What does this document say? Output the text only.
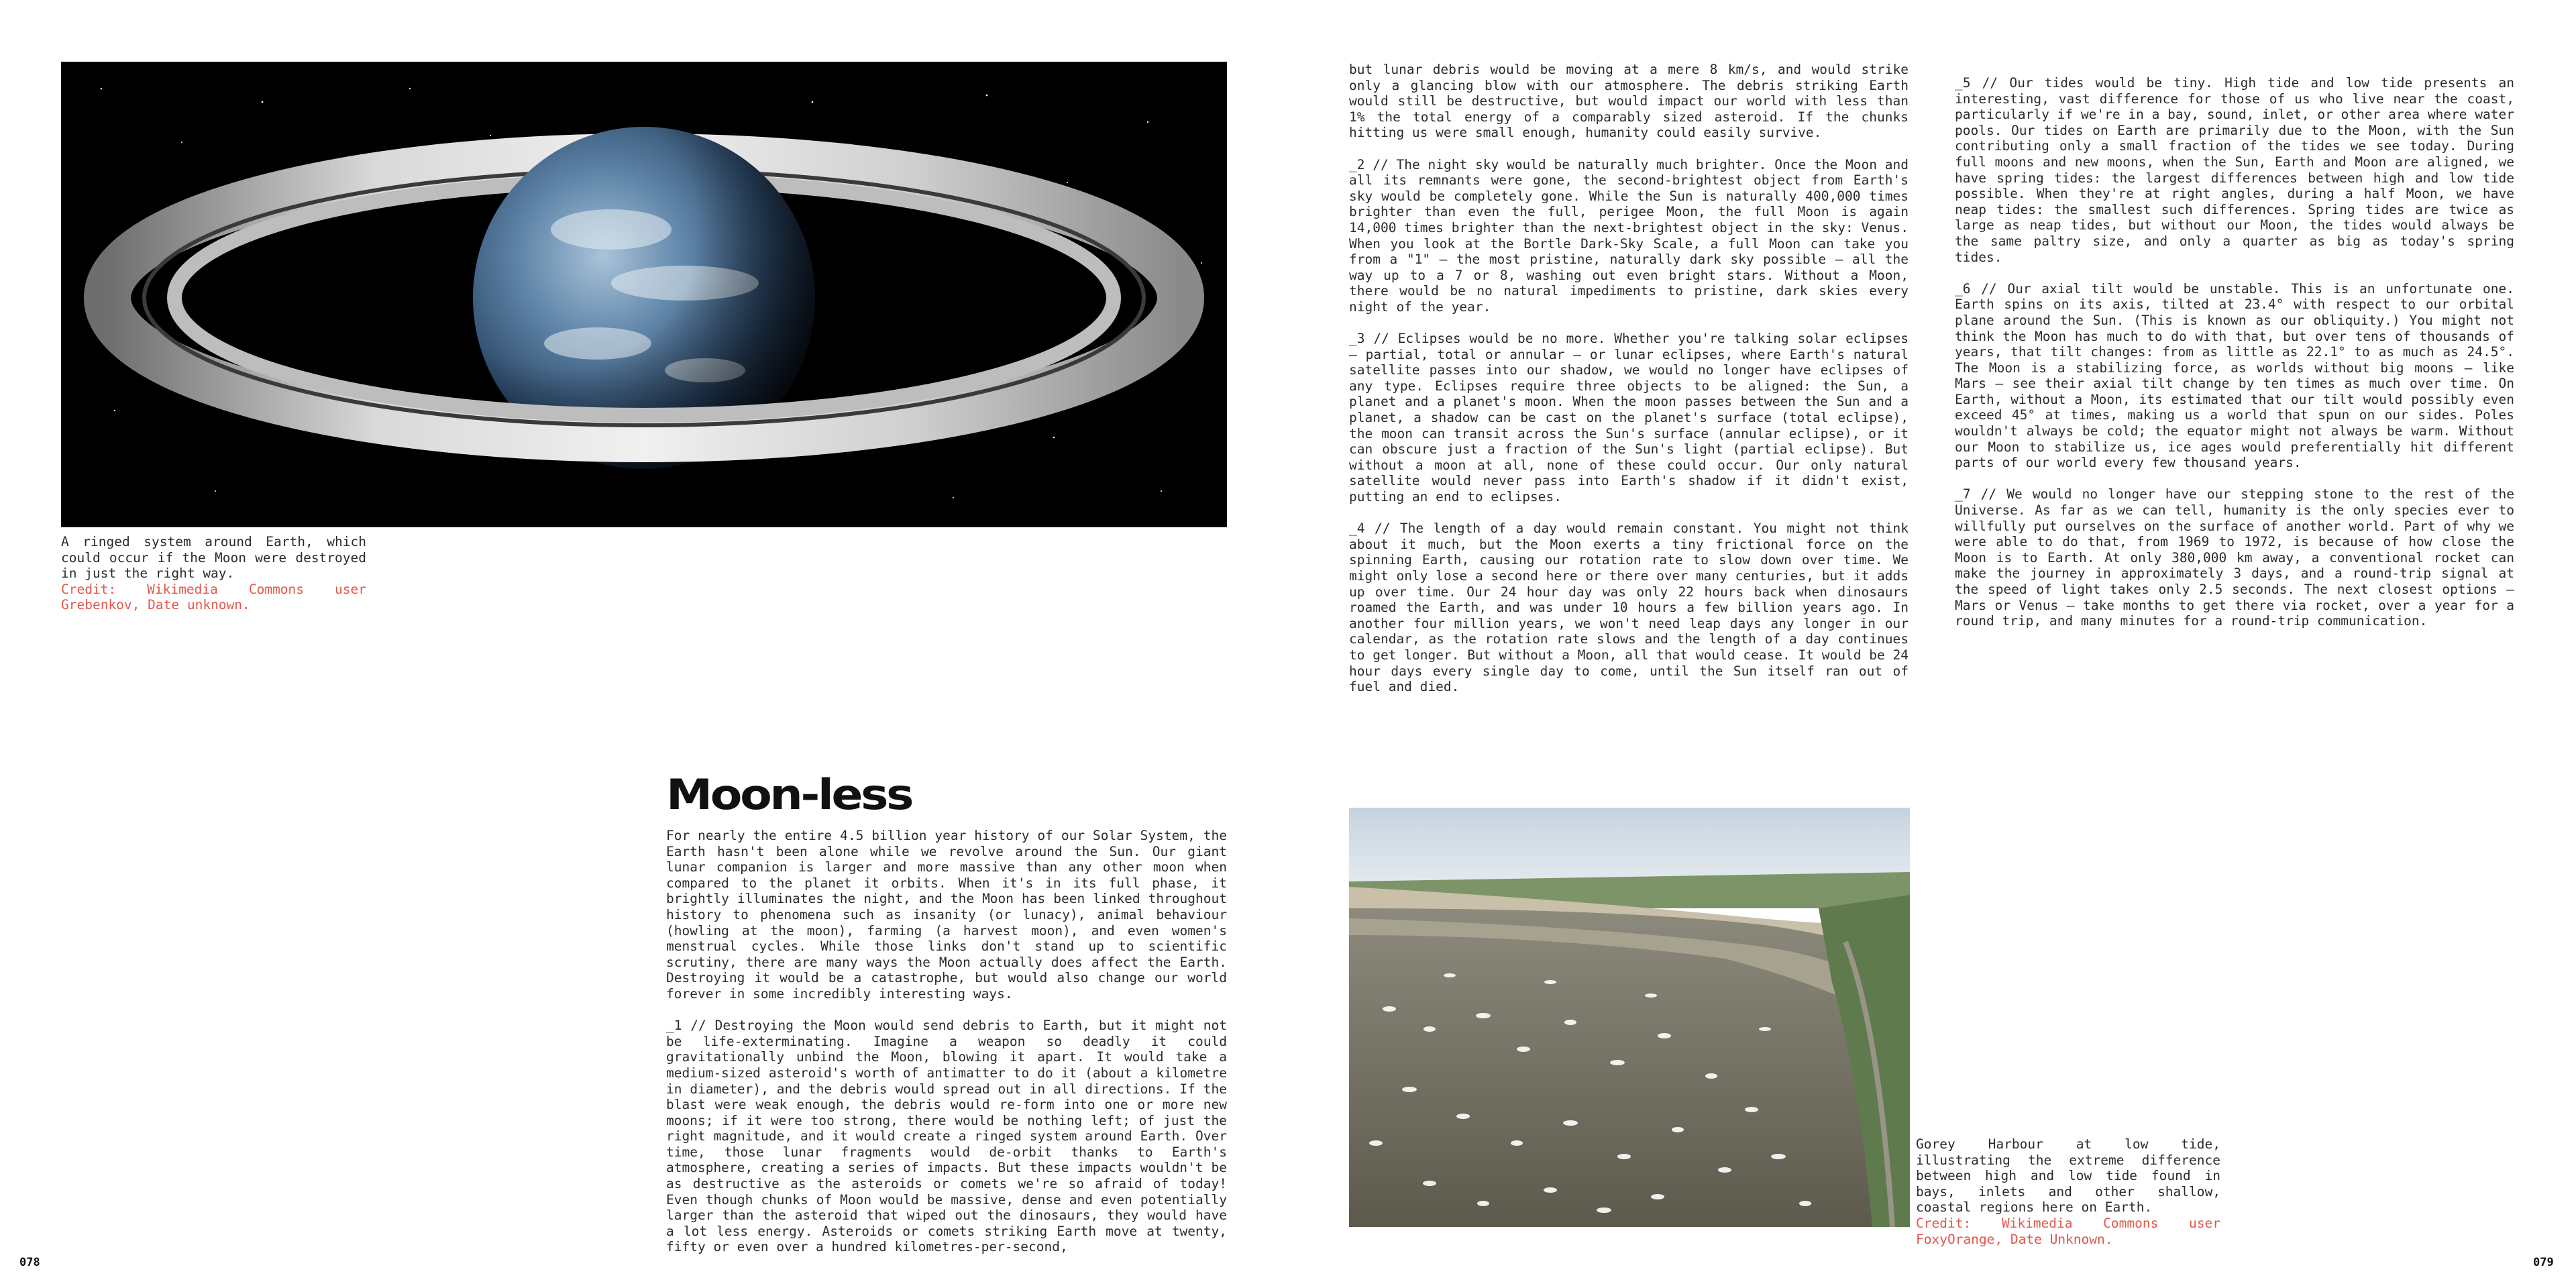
A ringed system around Earth, which could occur if the Moon were destroyed in just the right way.
Credit: Wikimedia Commons user Grebenkov, Date unknown.
Moon-less

For nearly the entire 4.5 billion year history of our Solar System, the Earth hasn't been alone while we revolve around the Sun. Our giant lunar companion is larger and more massive than any other moon when compared to the planet it orbits. When it's in its full phase, it brightly illuminates the night, and the Moon has been linked throughout history to phenomena such as insanity (or lunacy), animal behaviour (howling at the moon), farming (a harvest moon), and even women's menstrual cycles. While those links don't stand up to scientific scrutiny, there are many ways the Moon actually does affect the Earth. Destroying it would be a catastrophe, but would also change our world forever in some incredibly interesting ways.

_1 // Destroying the Moon would send debris to Earth, but it might not be life-exterminating. Imagine a weapon so deadly it could gravitationally unbind the Moon, blowing it apart. It would take a medium-sized asteroid's worth of antimatter to do it (about a kilometre in diameter), and the debris would spread out in all directions. If the blast were weak enough, the debris would re-form into one or more new moons; if it were too strong, there would be nothing left; of just the right magnitude, and it would create a ringed system around Earth. Over time, those lunar fragments would de-orbit thanks to Earth's atmosphere, creating a series of impacts. But these impacts wouldn't be as destructive as the asteroids or comets we're so afraid of today! Even though chunks of Moon would be massive, dense and even potentially larger than the asteroid that wiped out the dinosaurs, they would have a lot less energy. Asteroids or comets striking Earth move at twenty, fifty or even over a hundred kilometres-per-second,

078

but lunar debris would be moving at a mere 8 km/s, and would strike only a glancing blow with our atmosphere. The debris striking Earth would still be destructive, but would impact our world with less than 1% the total energy of a comparably sized asteroid. If the chunks hitting us were small enough, humanity could easily survive.

_2 // The night sky would be naturally much brighter. Once the Moon and all its remnants were gone, the second-brightest object from Earth's sky would be completely gone. While the Sun is naturally 400,000 times brighter than even the full, perigee Moon, the full Moon is again 14,000 times brighter than the next-brightest object in the sky: Venus. When you look at the Bortle Dark-Sky Scale, a full Moon can take you from a "1" — the most pristine, naturally dark sky possible — all the way up to a 7 or 8, washing out even bright stars. Without a Moon, there would be no natural impediments to pristine, dark skies every night of the year.

_3 // Eclipses would be no more. Whether you're talking solar eclipses — partial, total or annular — or lunar eclipses, where Earth's natural satellite passes into our shadow, we would no longer have eclipses of any type. Eclipses require three objects to be aligned: the Sun, a planet and a planet's moon. When the moon passes between the Sun and a planet, a shadow can be cast on the planet's surface (total eclipse), the moon can transit across the Sun's surface (annular eclipse), or it can obscure just a fraction of the Sun's light (partial eclipse). But without a moon at all, none of these could occur. Our only natural satellite would never pass into Earth's shadow if it didn't exist, putting an end to eclipses.

_4 // The length of a day would remain constant. You might not think about it much, but the Moon exerts a tiny frictional force on the spinning Earth, causing our rotation rate to slow down over time. We might only lose a second here or there over many centuries, but it adds up over time. Our 24 hour day was only 22 hours back when dinosaurs roamed the Earth, and was under 10 hours a few billion years ago. In another four million years, we won't need leap days any longer in our calendar, as the rotation rate slows and the length of a day continues to get longer. But without a Moon, all that would cease. It would be 24 hour days every single day to come, until the Sun itself ran out of fuel and died.

_5 // Our tides would be tiny. High tide and low tide presents an interesting, vast difference for those of us who live near the coast, particularly if we're in a bay, sound, inlet, or other area where water pools. Our tides on Earth are primarily due to the Moon, with the Sun contributing only a small fraction of the tides we see today. During full moons and new moons, when the Sun, Earth and Moon are aligned, we have spring tides: the largest differences between high and low tide possible. When they're at right angles, during a half Moon, we have neap tides: the smallest such differences. Spring tides are twice as large as neap tides, but without our Moon, the tides would always be the same paltry size, and only a quarter as big as today's spring tides.

_6 // Our axial tilt would be unstable. This is an unfortunate one. Earth spins on its axis, tilted at 23.4° with respect to our orbital plane around the Sun. (This is known as our obliquity.) You might not think the Moon has much to do with that, but over tens of thousands of years, that tilt changes: from as little as 22.1° to as much as 24.5°. The Moon is a stabilizing force, as worlds without big moons — like Mars — see their axial tilt change by ten times as much over time. On Earth, without a Moon, its estimated that our tilt would possibly even exceed 45° at times, making us a world that spun on our sides. Poles wouldn't always be cold; the equator might not always be warm. Without our Moon to stabilize us, ice ages would preferentially hit different parts of our world every few thousand years.

_7 // We would no longer have our stepping stone to the rest of the Universe. As far as we can tell, humanity is the only species ever to willfully put ourselves on the surface of another world. Part of why we were able to do that, from 1969 to 1972, is because of how close the Moon is to Earth. At only 380,000 km away, a conventional rocket can make the journey in approximately 3 days, and a round-trip signal at the speed of light takes only 2.5 seconds. The next closest options — Mars or Venus — take months to get there via rocket, over a year for a round trip, and many minutes for a round-trip communication.

Gorey Harbour at low tide, illustrating the extreme difference between high and low tide found in bays, inlets and other shallow, coastal regions here on Earth.
Credit: Wikimedia Commons user FoxyOrange, Date Unknown.
079
